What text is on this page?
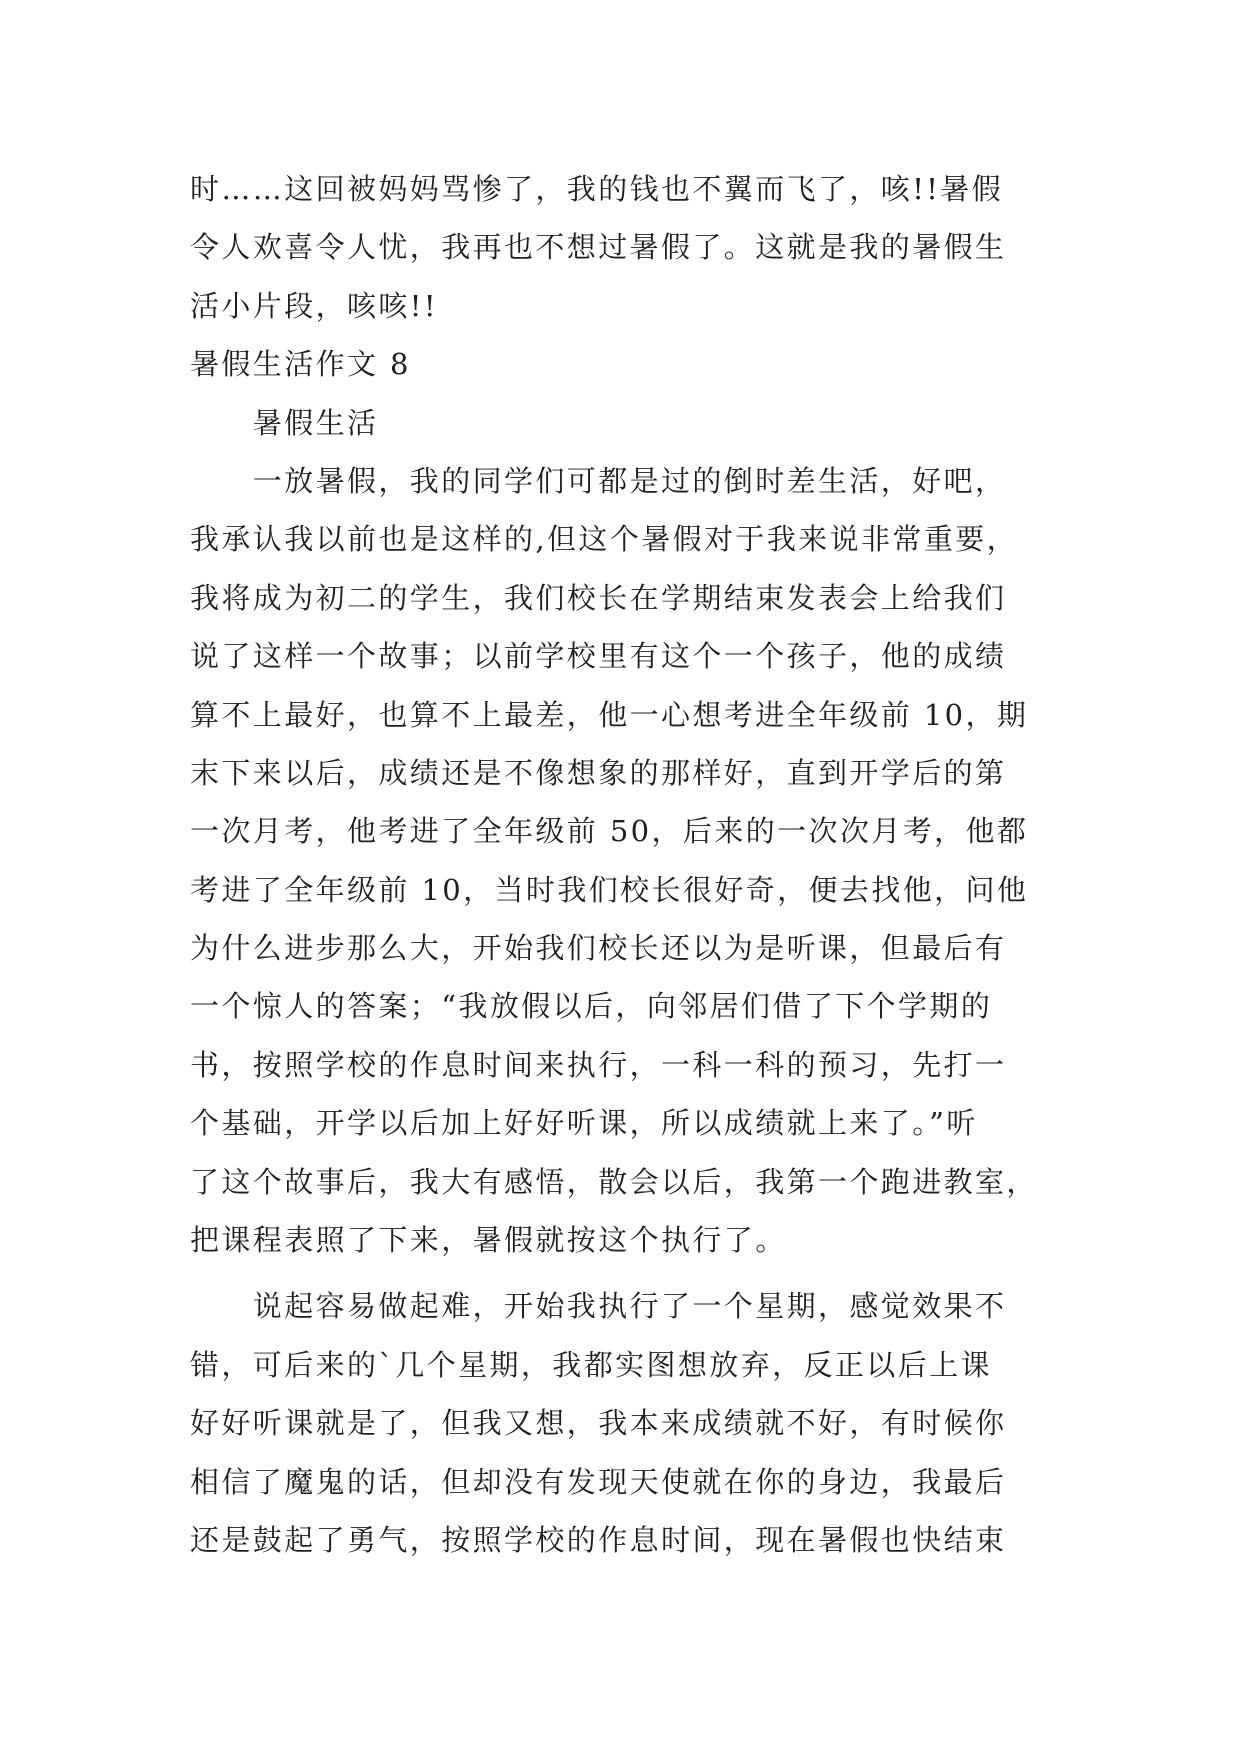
时……这回被妈妈骂惨了，我的钱也不翼而飞了，咳!!暑假
令人欢喜令人忧，我再也不想过暑假了。这就是我的暑假生
活小片段，咳咳!!
暑假生活作文 8
　　暑假生活
　　一放暑假，我的同学们可都是过的倒时差生活，好吧，
我承认我以前也是这样的,但这个暑假对于我来说非常重要，
我将成为初二的学生，我们校长在学期结束发表会上给我们
说了这样一个故事；以前学校里有这个一个孩子，他的成绩
算不上最好，也算不上最差，他一心想考进全年级前 10，期
末下来以后，成绩还是不像想象的那样好，直到开学后的第
一次月考，他考进了全年级前 50，后来的一次次月考，他都
考进了全年级前 10，当时我们校长很好奇，便去找他，问他
为什么进步那么大，开始我们校长还以为是听课，但最后有
一个惊人的答案；“我放假以后，向邻居们借了下个学期的
书，按照学校的作息时间来执行，一科一科的预习，先打一
个基础，开学以后加上好好听课，所以成绩就上来了。”听
了这个故事后，我大有感悟，散会以后，我第一个跑进教室，
把课程表照了下来，暑假就按这个执行了。
　　说起容易做起难，开始我执行了一个星期，感觉效果不
错，可后来的`几个星期，我都实图想放弃，反正以后上课
好好听课就是了，但我又想，我本来成绩就不好，有时候你
相信了魔鬼的话，但却没有发现天使就在你的身边，我最后
还是鼓起了勇气，按照学校的作息时间，现在暑假也快结束
